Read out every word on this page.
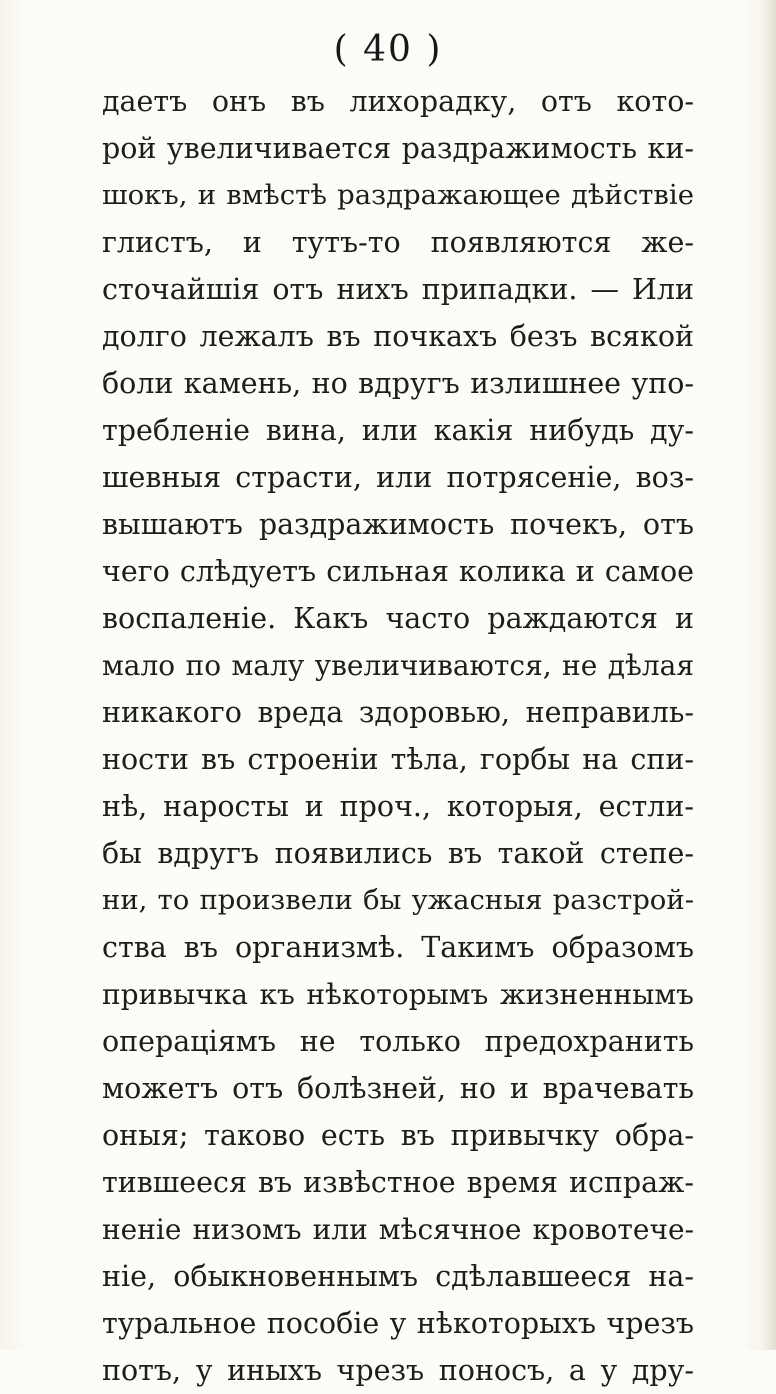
( 40 )
даетъ онъ въ лихорадку, отъ кото-
рой увеличивается раздражимость ки-
шокъ, и вмѣстѣ раздражающее дѣйствіе
глистъ, и тутъ-то появляются же-
сточайшія отъ нихъ припадки. — Или
долго лежалъ въ почкахъ безъ всякой
боли камень, но вдругъ излишнее упо-
требленіе вина, или какія нибудь ду-
шевныя страсти, или потрясеніе, воз-
вышаютъ раздражимость почекъ, отъ
чего слѣдуетъ сильная колика и самое
воспаленіе. Какъ часто раждаются и
мало по малу увеличиваются, не дѣлая
никакого вреда здоровью, неправиль-
ности въ строеніи тѣла, горбы на спи-
нѣ, наросты и проч., которыя, естли-
бы вдругъ появились въ такой степе-
ни, то произвели бы ужасныя разстрой-
ства въ организмѣ. Такимъ образомъ
привычка къ нѣкоторымъ жизненнымъ
операціямъ не только предохранить
можетъ отъ болѣзней, но и врачевать
оныя; таково есть въ привычку обра-
тившееся въ извѣстное время испраж-
неніе низомъ или мѣсячное кровотече-
ніе, обыкновеннымъ сдѣлавшееся на-
туральное пособіе у нѣкоторыхъ чрезъ
потъ, у иныхъ чрезъ поносъ, а у дру-
